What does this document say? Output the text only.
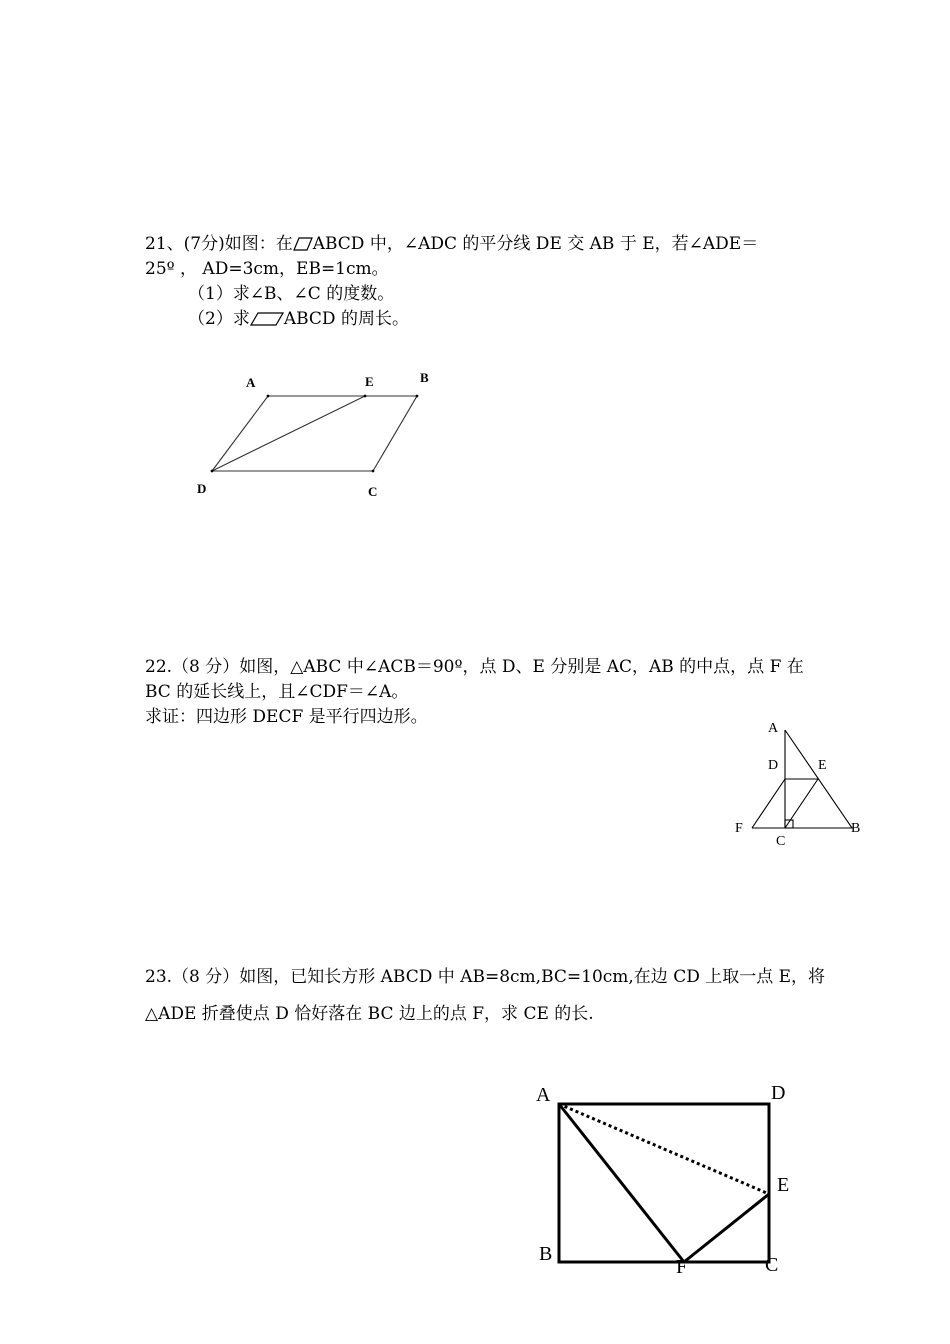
21、(7分)如图：在 ABCD 中，∠ADC 的平分线 DE 交 AB 于 E，若∠ADE＝
25º ， AD=3cm，EB=1cm。
（1）求∠B、∠C 的度数。
（2）求 ABCD 的周长。
A	E	B
D	C
22.（8 分）如图，△ABC 中∠ACB＝90º，点 D、E 分别是 AC，AB 的中点，点 F 在
BC 的延长线上，且∠CDF＝∠A。
求证：四边形 DECF 是平行四边形。
A
D	E
F
C
B
23.（8 分）如图，已知长方形 ABCD 中 AB=8cm,BC=10cm,在边 CD 上取一点 E，将
△ADE 折叠使点 D 恰好落在 BC 边上的点 F，求 CE 的长.
A	D
E
B
F	C
